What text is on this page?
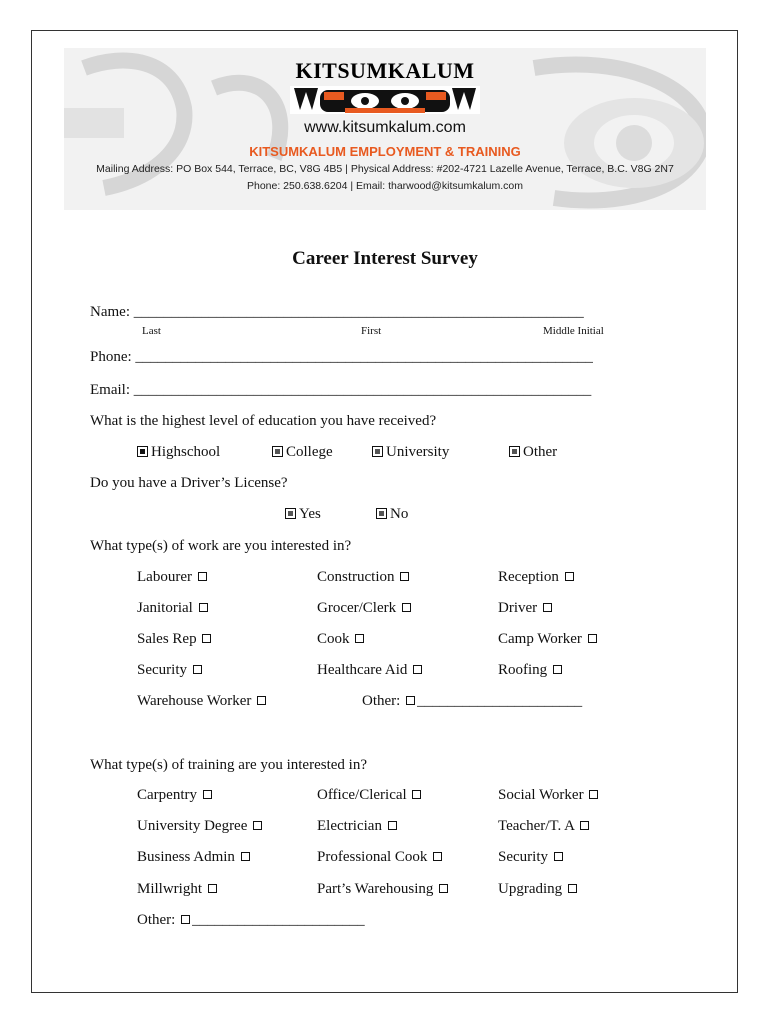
KITSUMKALUM
www.kitsumkalum.com
KITSUMKALUM EMPLOYMENT & TRAINING
Mailing Address: PO Box 544, Terrace, BC, V8G 4B5 | Physical Address: #202-4721 Lazelle Avenue, Terrace, B.C. V8G 2N7
Phone: 250.638.6204 | Email: tharwood@kitsumkalum.com
Career Interest Survey
Name: ____________________________________________________________
Last	First	Middle Initial
Phone: _____________________________________________________________
Email: _____________________________________________________________
What is the highest level of education you have received?
Highschool	College	University	Other
Do you have a Driver’s License?
Yes	No
What type(s) of work are you interested in?
Labourer	Construction	Reception
Janitorial	Grocer/Clerk	Driver
Sales Rep	Cook	Camp Worker
Security	Healthcare Aid	Roofing
Warehouse Worker	Other: ______________________
What type(s) of training are you interested in?
Carpentry	Office/Clerical	Social Worker
University Degree	Electrician	Teacher/T. A
Business Admin	Professional Cook	Security
Millwright	Part’s Warehousing	Upgrading
Other: _______________________
